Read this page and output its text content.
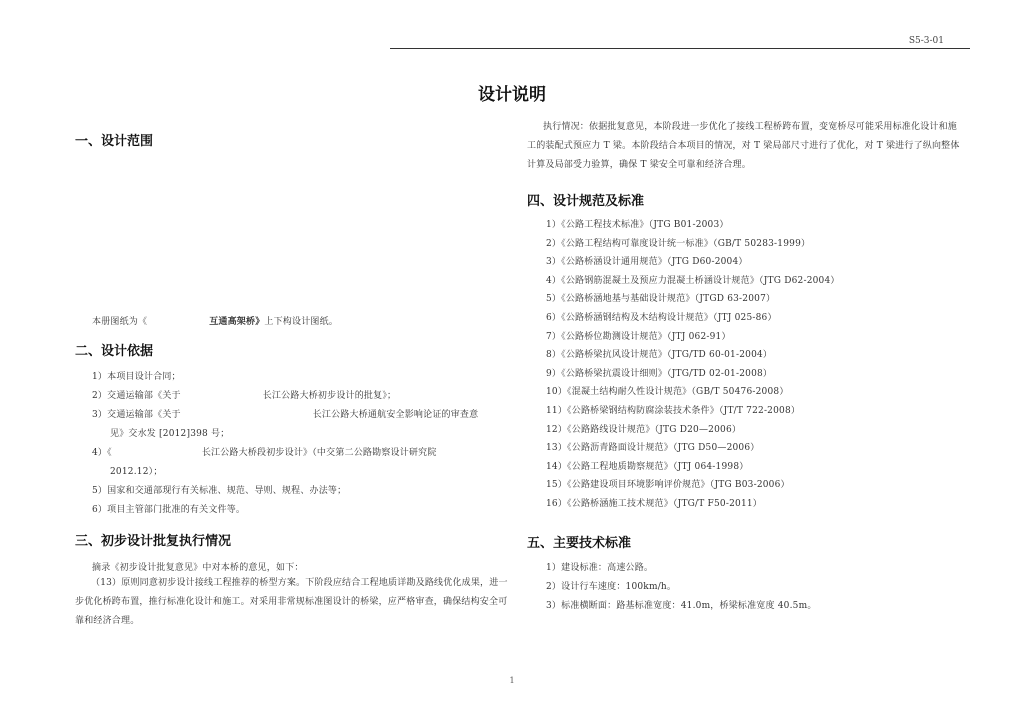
S5-3-01
设计说明
一、设计范围
本册图纸为《	互通高架桥》上下构设计图纸。
二、设计依据
1）本项目设计合同；
2）交通运输部《关于	长江公路大桥初步设计的批复》；
3）交通运输部《关于	长江公路大桥通航安全影响论证的审查意
见》交水发 [2012]398 号；
4）《	长江公路大桥段初步设计》（中交第二公路勘察设计研究院
2012.12）；
5）国家和交通部现行有关标准、规范、导则、规程、办法等；
6）项目主管部门批准的有关文件等。
三、初步设计批复执行情况
摘录《初步设计批复意见》中对本桥的意见，如下：
（13）原则同意初步设计接线工程推荐的桥型方案。下阶段应结合工程地质详勘及路线优化成果，进一步优化桥跨布置，推行标准化设计和施工。对采用非常规标准图设计的桥梁，应严格审查，确保结构安全可靠和经济合理。
执行情况：依据批复意见，本阶段进一步优化了接线工程桥跨布置，变宽桥尽可能采用标准化设计和施工的装配式预应力 T 梁。本阶段结合本项目的情况，对 T 梁局部尺寸进行了优化，对 T 梁进行了纵向整体计算及局部受力验算，确保 T 梁安全可靠和经济合理。
四、设计规范及标准
1）《公路工程技术标准》（JTG B01-2003）
2）《公路工程结构可靠度设计统一标准》（GB/T 50283-1999）
3）《公路桥涵设计通用规范》（JTG D60-2004）
4）《公路钢筋混凝土及预应力混凝土桥涵设计规范》（JTG D62-2004）
5）《公路桥涵地基与基础设计规范》（JTGD 63-2007）
6）《公路桥涵钢结构及木结构设计规范》（JTJ 025-86）
7）《公路桥位勘测设计规范》（JTJ 062-91）
8）《公路桥梁抗风设计规范》（JTG/TD 60-01-2004）
9）《公路桥梁抗震设计细则》（JTG/TD 02-01-2008）
10）《混凝土结构耐久性设计规范》（GB/T 50476-2008）
11）《公路桥梁钢结构防腐涂装技术条件》（JT/T 722-2008）
12）《公路路线设计规范》（JTG D20—2006）
13）《公路沥青路面设计规范》（JTG D50—2006）
14）《公路工程地质勘察规范》（JTJ 064-1998）
15）《公路建设项目环境影响评价规范》（JTG B03-2006）
16）《公路桥涵施工技术规范》（JTG/T F50-2011）
五、主要技术标准
1）建设标准：高速公路。
2）设计行车速度：100km/h。
3）标准横断面：路基标准宽度：41.0m，桥梁标准宽度 40.5m。
1
